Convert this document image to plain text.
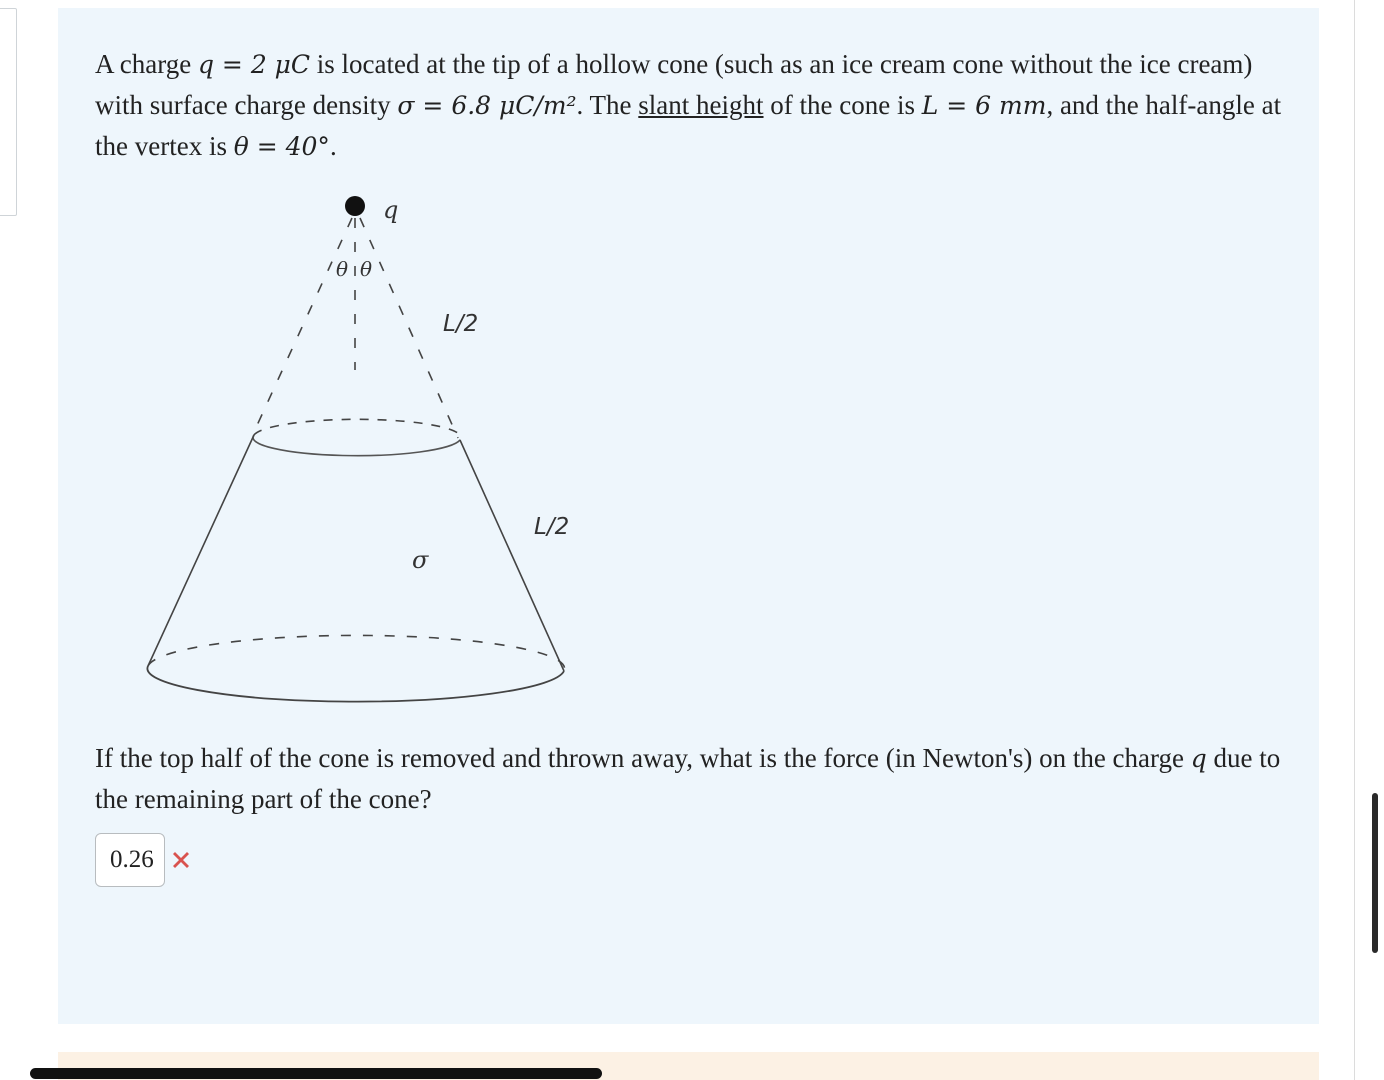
A charge q = 2 μC is located at the tip of a hollow cone (such as an ice cream cone without the ice cream) with surface charge density σ = 6.8 μC/m². The slant height of the cone is L = 6 mm, and the half-angle at the vertex is θ = 40°.
q
θ θ
L/2
L/2
σ
If the top half of the cone is removed and thrown away, what is the force (in Newton's) on the charge q due to the remaining part of the cone?
0.26
